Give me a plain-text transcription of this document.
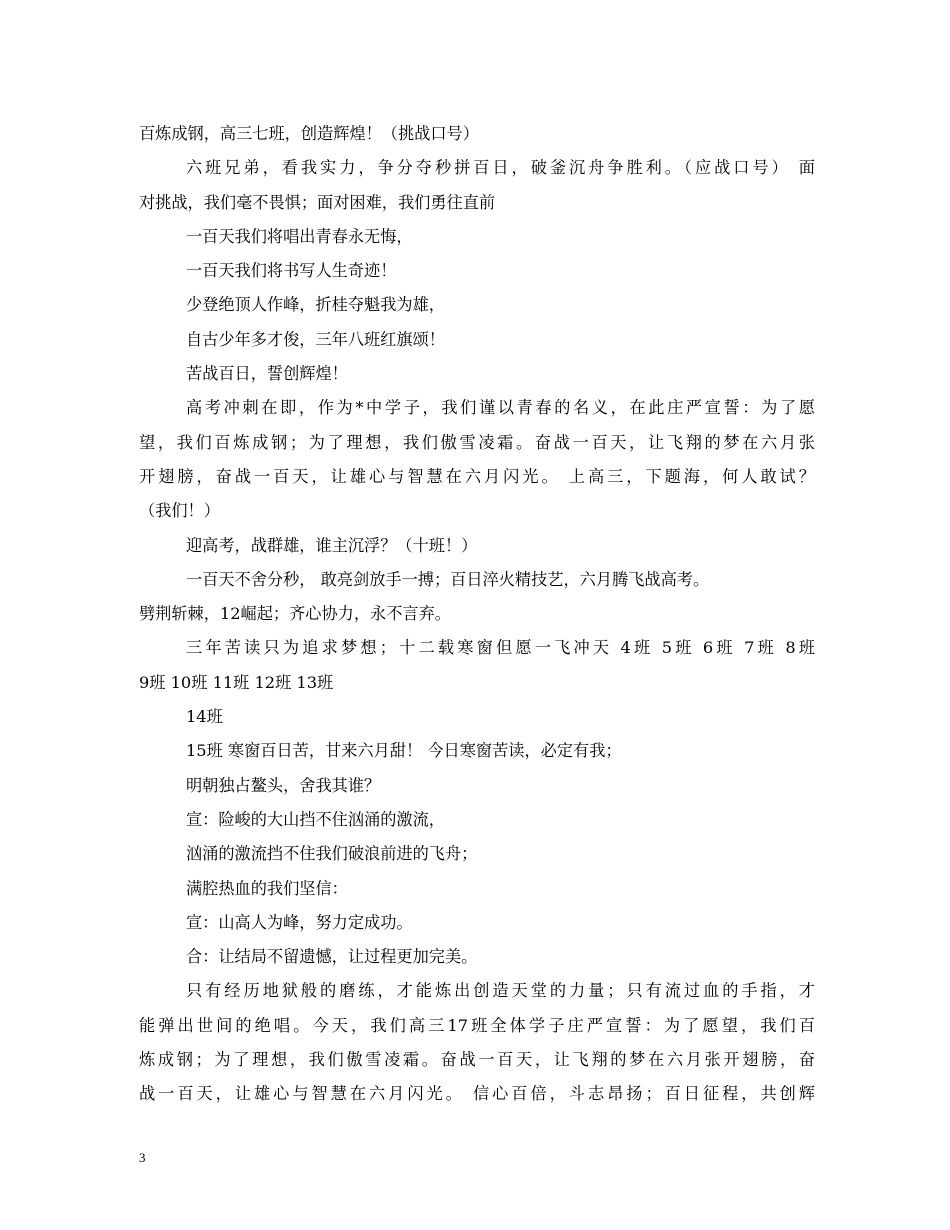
百炼成钢，高三七班，创造辉煌！（挑战口号）
六班兄弟，看我实力，争分夺秒拼百日，破釜沉舟争胜利。（应战口号） 面
对挑战，我们毫不畏惧；面对困难，我们勇往直前
一百天我们将唱出青春永无悔，
一百天我们将书写人生奇迹！
少登绝顶人作峰，折桂夺魁我为雄，
自古少年多才俊，三年八班红旗颂！
苦战百日，誓创辉煌！
高考冲刺在即，作为*中学子，我们谨以青春的名义，在此庄严宣誓：为了愿
望，我们百炼成钢；为了理想，我们傲雪凌霜。奋战一百天，让飞翔的梦在六月张
开翅膀，奋战一百天，让雄心与智慧在六月闪光。 上高三，下题海，何人敢试？
（我们！）
迎高考，战群雄，谁主沉浮？（十班！）
一百天不舍分秒， 敢亮剑放手一搏；百日淬火精技艺，六月腾飞战高考。
劈荆斩棘，12崛起；齐心协力，永不言弃。
三年苦读只为追求梦想；十二载寒窗但愿一飞冲天 4班 5班 6班 7班 8班
9班 10班 11班 12班 13班
14班
15班 寒窗百日苦，甘来六月甜！ 今日寒窗苦读，必定有我；
明朝独占鳌头，舍我其谁？
宣：险峻的大山挡不住汹涌的激流，
汹涌的激流挡不住我们破浪前进的飞舟；
满腔热血的我们坚信：
宣：山高人为峰，努力定成功。
合：让结局不留遗憾，让过程更加完美。
只有经历地狱般的磨练，才能炼出创造天堂的力量；只有流过血的手指，才
能弹出世间的绝唱。今天，我们高三17班全体学子庄严宣誓：为了愿望，我们百
炼成钢；为了理想，我们傲雪凌霜。奋战一百天，让飞翔的梦在六月张开翅膀，奋
战一百天，让雄心与智慧在六月闪光。 信心百倍，斗志昂扬；百日征程，共创辉
3
